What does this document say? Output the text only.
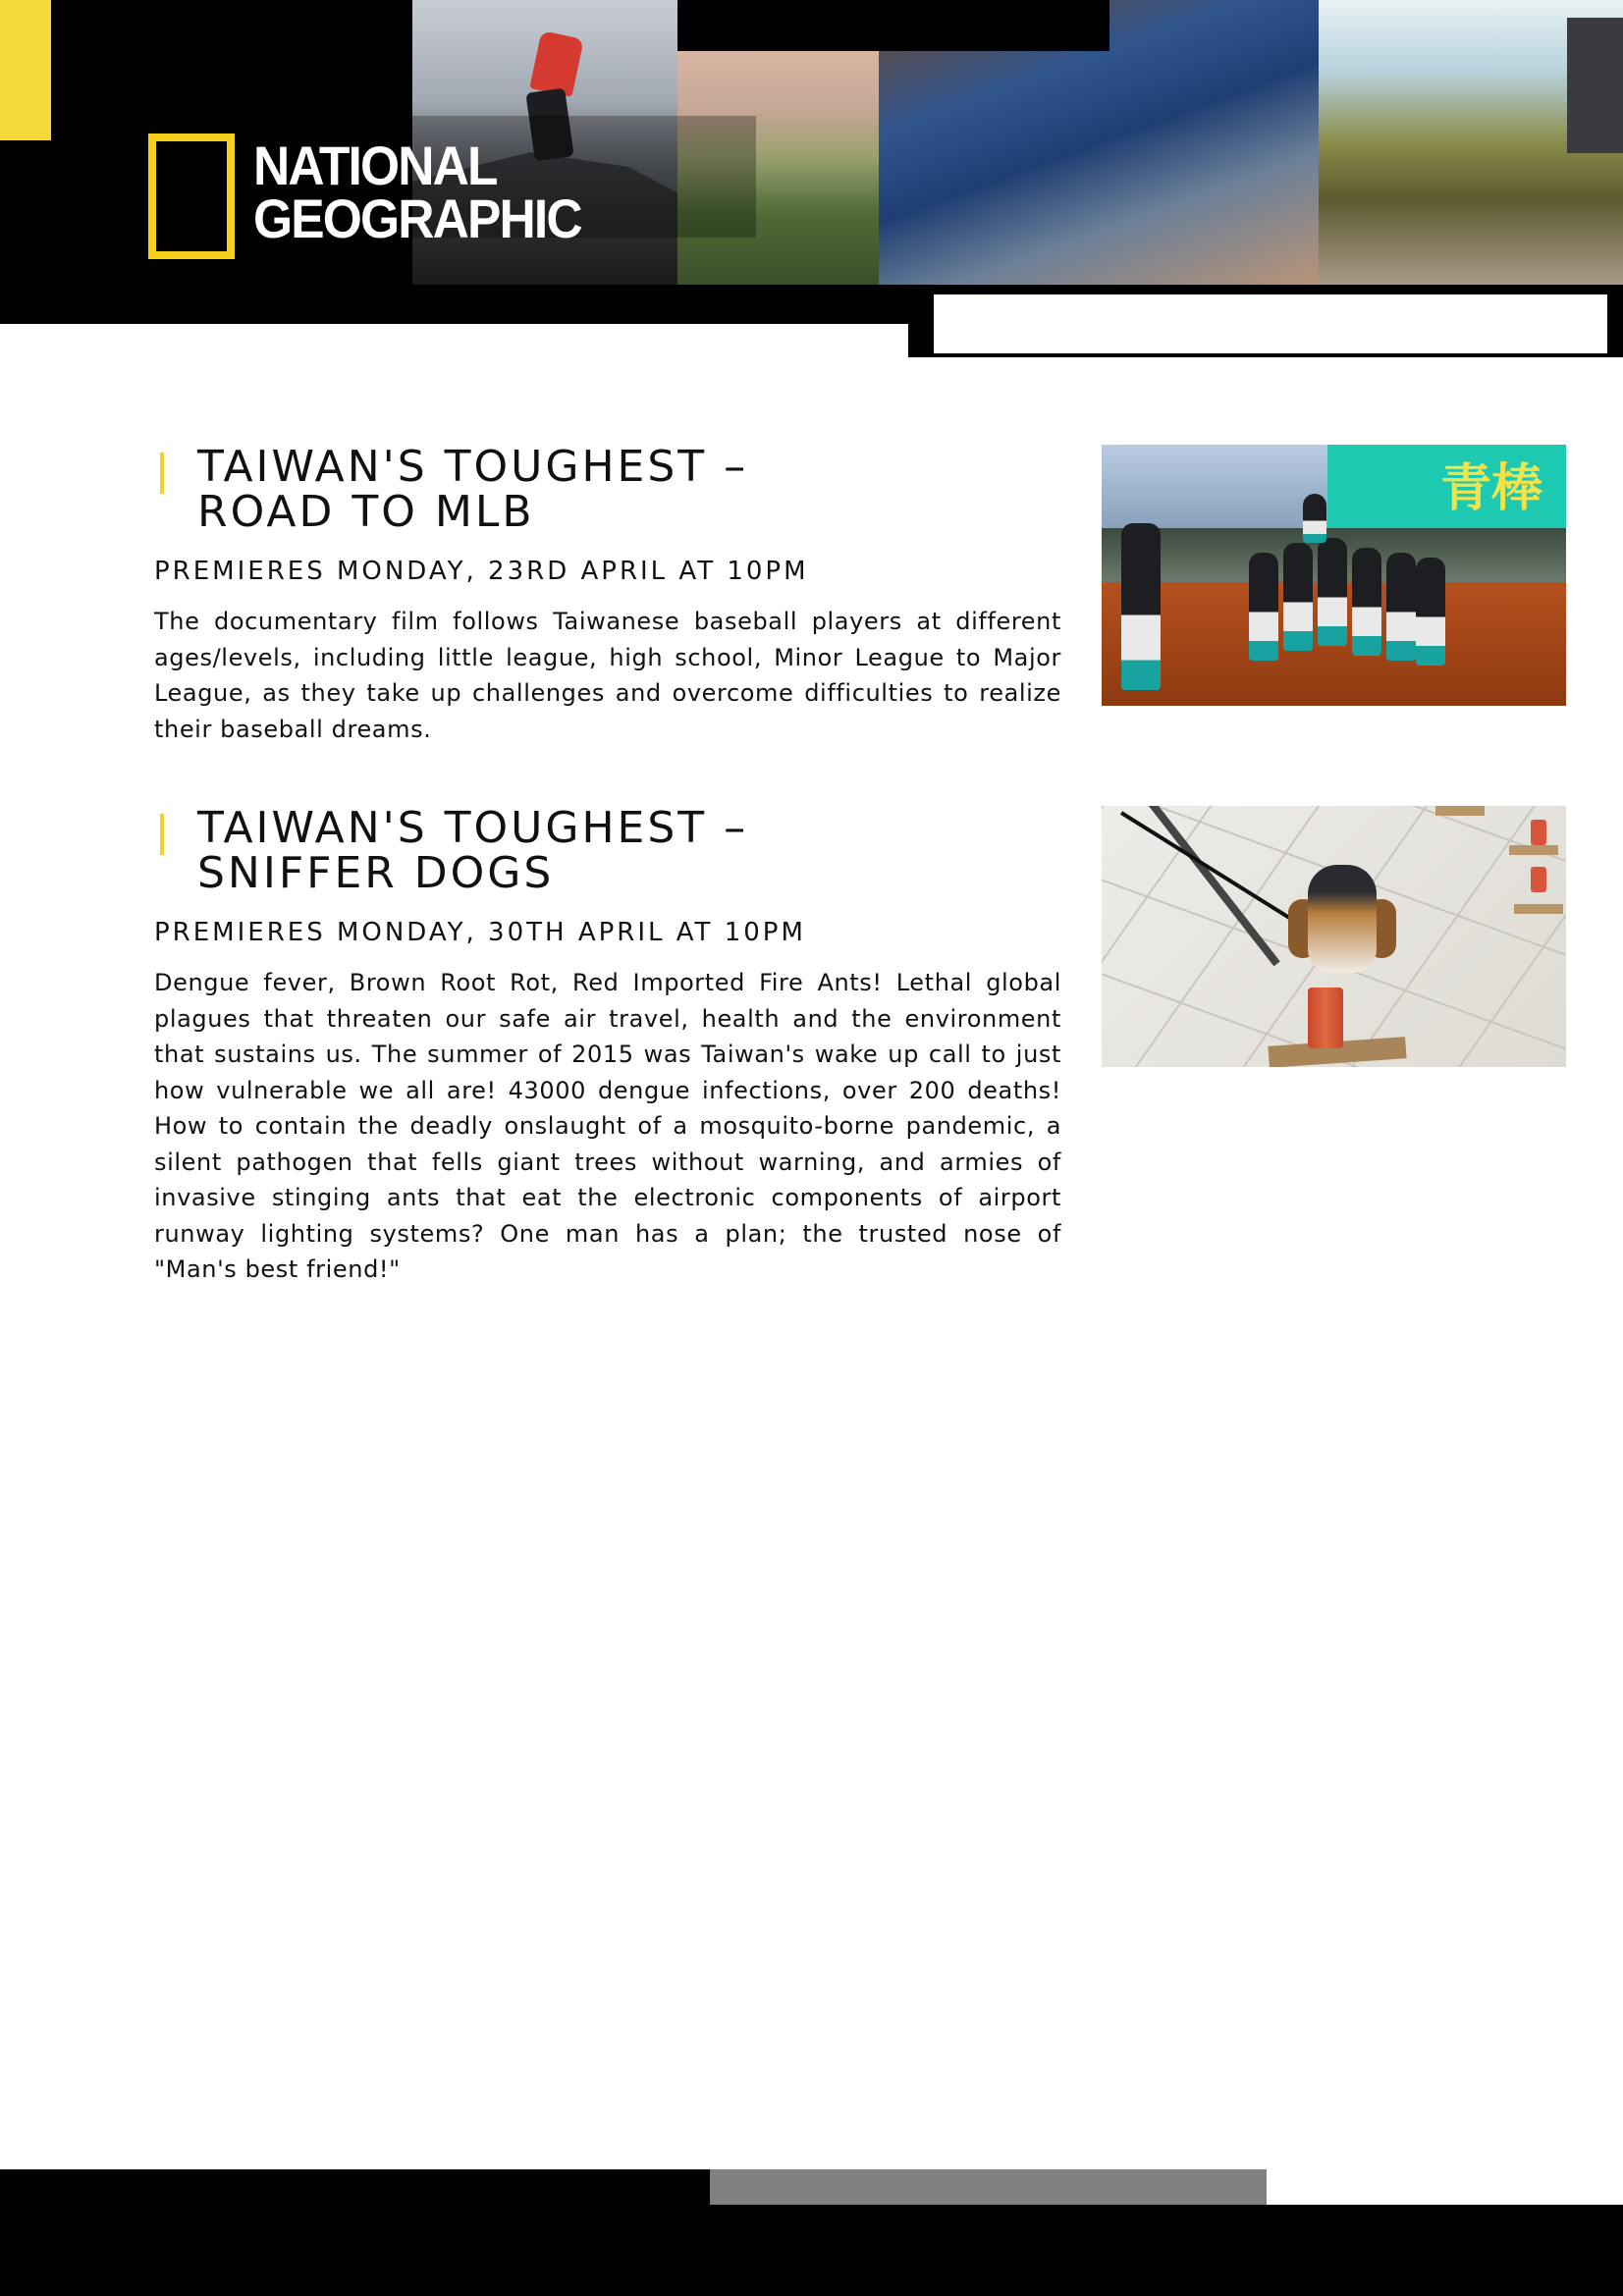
NATIONAL
GEOGRAPHIC
TAIWAN'S TOUGHEST –
ROAD TO MLB
PREMIERES MONDAY, 23RD APRIL AT 10PM

The documentary film follows Taiwanese baseball players at different ages/levels, including little league, high school, Minor League to Major League, as they take up challenges and overcome difficulties to realize their baseball dreams.

青棒
TAIWAN'S TOUGHEST –
SNIFFER DOGS
PREMIERES MONDAY, 30TH APRIL AT 10PM

Dengue fever, Brown Root Rot, Red Imported Fire Ants! Lethal global plagues that threaten our safe air travel, health and the environment that sustains us. The summer of 2015 was Taiwan's wake up call to just how vulnerable we all are! 43000 dengue infections, over 200 deaths! How to contain the deadly onslaught of a mosquito-borne pandemic, a silent pathogen that fells giant trees without warning, and armies of invasive stinging ants that eat the electronic components of airport runway lighting systems? One man has a plan; the trusted nose of "Man's best friend!"
